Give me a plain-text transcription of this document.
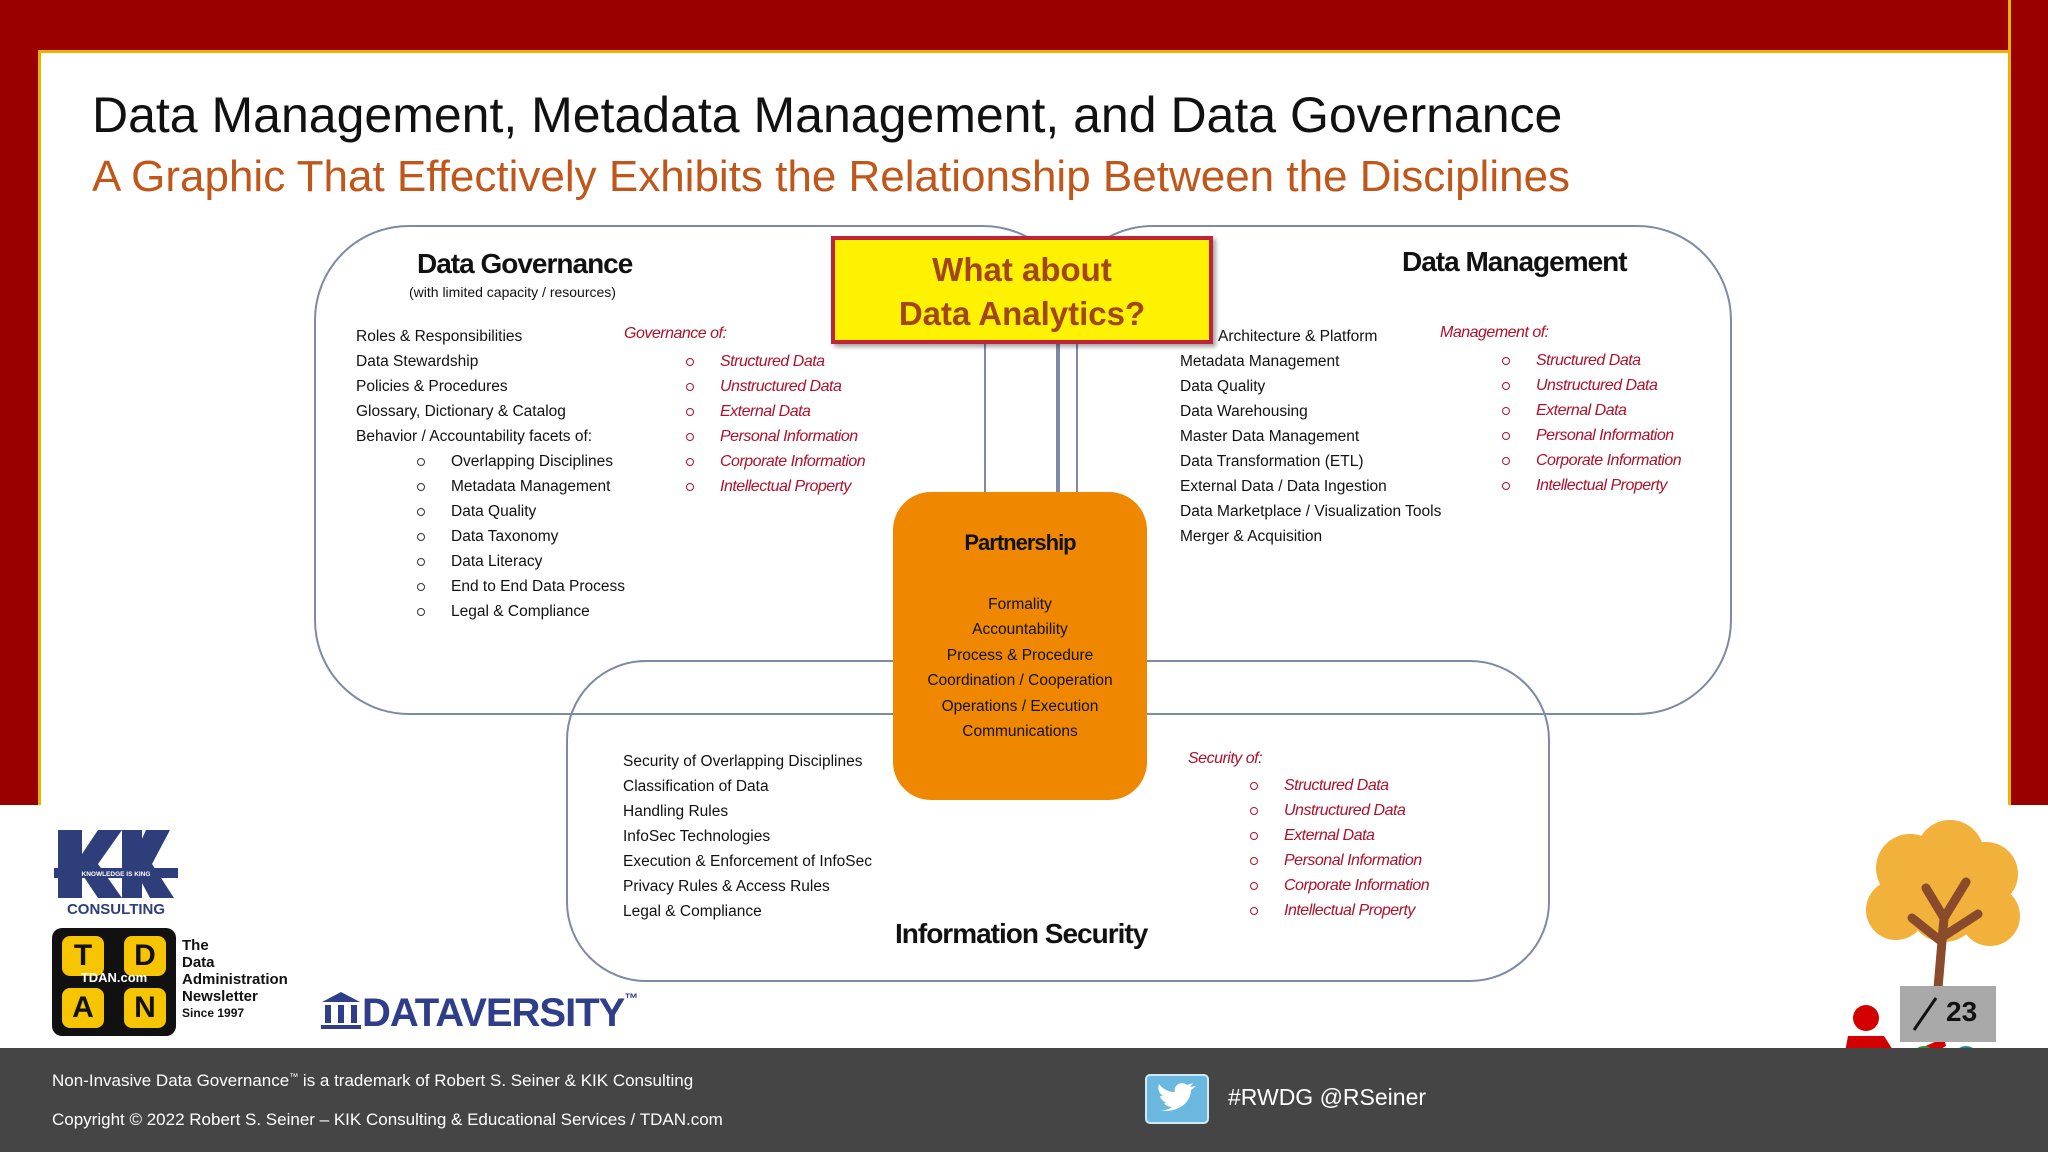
Data Management, Metadata Management, and Data Governance
A Graphic That Effectively Exhibits the Relationship Between the Disciplines
Data Governance
(with limited capacity / resources)
Roles & Responsibilities
Data Stewardship
Policies & Procedures
Glossary, Dictionary & Catalog
Behavior / Accountability facets of:
Overlapping Disciplines
Metadata Management
Data Quality
Data Taxonomy
Data Literacy
End to End Data Process
Legal & Compliance
Governance of:
Structured Data
Unstructured Data
External Data
Personal Information
Corporate Information
Intellectual Property
Data Management
Architecture & Platform
Metadata Management
Data Quality
Data Warehousing
Master Data Management
Data Transformation (ETL)
External Data / Data Ingestion
Data Marketplace / Visualization Tools
Merger & Acquisition
Management of:
Structured Data
Unstructured Data
External Data
Personal Information
Corporate Information
Intellectual Property
Security of Overlapping Disciplines
Classification of Data
Handling Rules
InfoSec Technologies
Execution & Enforcement of InfoSec
Privacy Rules & Access Rules
Legal & Compliance
Security of:
Structured Data
Unstructured Data
External Data
Personal Information
Corporate Information
Intellectual Property
Information Security
Partnership
Formality
Accountability
Process & Procedure
Coordination / Cooperation
Operations / Execution
Communications
What about
Data Analytics?
KNOWLEDGE IS KING
CONSULTING
T	D
A	N
TDAN.com
The
Data
Administration
Newsletter
Since 1997	DATAVERSITY™	23
Non-Invasive Data Governance™ is a trademark of Robert S. Seiner & KIK Consulting
Copyright © 2022 Robert S. Seiner – KIK Consulting & Educational Services / TDAN.com
#RWDG @RSeiner
